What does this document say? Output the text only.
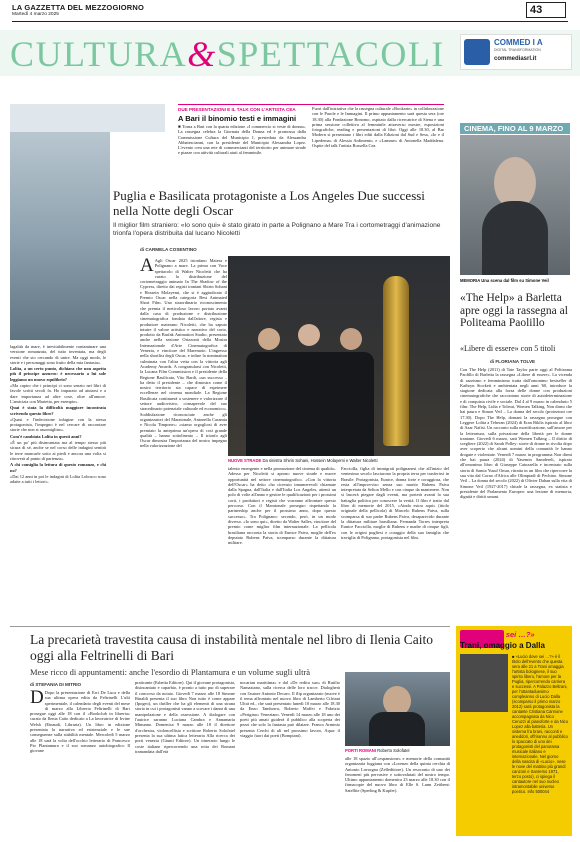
LA GAZZETTA DEL MEZZOGIORNO
Martedì 4 marzo 2025	43
CULTURA&SPETTACOLI	COMMED I A
DIGITAL TRANSFORMATION
commediasrl.it
DUE PRESENTAZIONI E IL TALK CON L'ARTISTA CEA
A Bari il binomio testi e immagini
■ Torna a Bari con la quarta edizione «I commercio si veste di donna». La rassegna celebra la Giornata della Donna ed è promossa dalla Commissione Cultura del Municipio I, presieduta da Alessandra Abbatescianni, con la presidente del Municipio Alessandra Lopez. L'evento crea una rete di commercianti del territorio per animare strade e piazze con attività culturali aiuti al femminile.
Fuori dall'iniziativa che la rassegna culturale «Bookarte» in collaborazione con le Parole e le Immagini. Il primo appuntamento sarà questa sera (ore 18.30) alla Fondazione Bonomo, ospitato dalla ricercatrice di Siena e una prima sessione collettiva al femminile attraverso mostre, esposizioni fotografiche, reading e presentazioni di libri. Oggi alle 18.30, al Bar Modern si presentano i libri editi dalla Edizioni dal Sud e Sesa, «Io e il Lipedema» di Alessia Ardimento, e «Lamme» di Antonella Maddalena. Ospite del talk l'artista Rossella Cea.
CINEMA, FINO AL 9 MARZO
MEMORIA Una scena dal film su Simone Veil
«The Help» a Barletta apre oggi la rassegna al Politeama Paolillo
«Libere di essere» con 5 titoli
di FLORIANA TOLVE
Con The Help (2011) di Tate Taylor parte oggi al Politeama Paolillo di Barletta la rassegna «Libere di essere». La vicenda di razzismo e femminismo tratta dall'omonimo bestseller di Kathryn Stockett e ambientata negli anni '60, introduce la stagione dedicata alla forza delle donne con produzioni cinematografiche che raccontano storie di autodeterminazione e di conquista civile e sociale. Dal 4 al 9 marzo in calendario 5 film: The Help, Lidia e Tolerat, Women Talking, Non dirmi che hai paura e Simon Veil – La donna del secolo (proiezioni ore 17.30). Dopo The Help, domani la rassegna prosegue con Leggere Lolita a Teheran (2024) di Eran Riklis ispirato al libro di Azar Nafisi. Un racconto sulla mortificazione, sull'amore per la letteratura, sulla privazione della libertà per le donne iraniane. Giovedì 6 marzo, sarà Women Talking – Il diritto di scegliere (2022) di Sarah Polley: storie di donne in rivolta dopo aver scoperto che alcuni uomini della comunità le hanno drogate e violentate. Venerdì 7 marzo in programma Non dirmi che hai paura (2024) di Yasemin Samdereli, ispirato all'omonimo libro di Giuseppe Catozzella e incentrato sulla storia di Samia Yusuf Omar, ritratta in un film che ripercorre la sua vita dal Corno d'Africa alle Olimpiadi di Pechino. Simone Veil – La donna del secolo (2022) di Olivier Dahan sulla vita di Simone Veil (1927-2017) chiude la rassegna, ex statista e presidente del Parlamento Europeo: una lezione di memoria, dignità e diritti umani.
Puglia e Basilicata protagoniste a Los Angeles Due successi nella Notte degli Oscar
Il miglior film straniero: «Io sono qui» è stato girato in parte a Polignano a Mare Tra i cortometraggi d'animazione trionfa l'opera distribuita dal lucano Nicoletti
di CARMELA COSENTINO
A Agli Oscar 2025 trionfano Matera e Polignano a mare. La prima con Voce spettacolo di Walter Nicoletti che ha curato la distribuzione del cortometraggio animato In The Shadow of the Cypress, diretto dai registi iraniani Shirin Sohani e Hossein Molayemi, che si è aggiudicato il Premio Oscar nella categoria Best Animated Short Film. Uno straordinario riconoscimento che premia il meticoloso lavoro portato avanti dalla casa di produzione e distribuzione cinematografica fondata dall'attore, regista e produttore materano Nicoletti, che ha saputo intuire il valore artistico e narrativo del corto, prodotto da Barfak Animation Studio, presentato anche nella sezione Orizzonti della Mostra Internazionale d'Arte Cinematografica di Venezia, e vincitore del Maremoto. L'ingresso nella shortlist degli Oscar, e infine la nomination culminata con l'altra vetta con la vittoria agli Academy Awards. A congratularsi con Nicoletti, la Lucana Film Commission e il presidente della Regione Basilicata, Vito Bardi, «un successo – ha detto il presidente – che dimostra come il nostro territorio sia capace di esprimere eccellenze nel cinema mondiale. La Regione Basilicata continuerà a sostenere e valorizzare il settore audiovisivo, consapevole del suo straordinario potenziale culturale ed economico». Soddisfazione riconosciute anche gli organizzatori del Maratonale, Antonella Caramia e Nicola Timpone»: «siamo orgogliosi di aver premiato la anteprima un'opera di così grande qualità – hanno sottolineato – Il trionfo agli Oscar dimostra l'importanza del nostro impegno nella valorizzazione del
NUOVE STRADE Da sinistra Shirin Sohani, Hossein Molayemi e Walter Nicoletti
talento emergente e nella promozione del cinema di qualità». Adesso per Nicoletti si aprono nuove strade e nuove opportunità nel settore cinematografico. «Con la vittoria dell'Oscar» ha detto «ho ricevuto innumerevoli chiamate dalla Spagna, dall'Italia e dall'Italia Los Angeles, attenti un polo di volte all'anno e gestire le qualificazioni per i prossimi corti, i produttori e registi che vorranno affrontare questo percorso. Con il Maratonale proseguo rispettando la partnership anche per il prossimo anno, dopo questo successo». Tra Polignano: secondo, però, in un modo diverso. «Io sono qui», diretto da Walter Salles, vincitore del premio come miglior film internazionale. La pellicola brasiliana racconta la storia di Eunice Paiva, moglie dell'ex deputato Rubens Paiva, scomparso durante la dittatura militare.
Facciolla, figlia di immigrati polignanesi che all'inizio del ventesimo secolo lasciarono la propria terra per trasferirsi in Brasile. Protagonista, Eunice, donna forte e coraggiosa, che resta all'improvviso senza suo marito Rubens Paiva interpretata da Selton Mello e con cinque da mantenere. Non si lascerà piegare dagli eventi, ma porterà avanti la sua battaglia politica per conoscere la verità. Il film è tratto dal libro di memorie del 2015, «Ainda estou aqui» (titolo originale della pellicola) di Marcelo Rubens Paiva, sulla scomparsa di suo padre Rubens Paiva, desaparecido durante la dittatura militare brasiliana. Fernanda Torres interpreta Eunice Facciolla, moglie di Rubens e madre di cinque figli, con le origini pugliesi e coraggio della sua famiglia che traviglia di Polignano, protagonista nel film.

lagalità da mare, è inevitabilmente contaminare una versione romanzata, del tutto inventata, ma degli eventi che sto cercando di unire. Ma oggi modo, le storie e i personaggi sono frutto della mia fantasia».

Lolita, a un certo punto, dichiara che non aspetta più il principe azzurro: è necessario a lui sole leggiamo un nuovo equilibrio?

«Ma capiro che i principi ci sono senzio nei libri di favole scritti secoli fa. Ho imparato ad aiutarsi e a dare importanza ad altre cose, oltre all'amore. L'amicizia con Marietta, per esempio».

Quai è stata la difficoltà maggiore incontrata scrivendo questo libro?

«Quasi e l'indecisione infagine con la stessa protagonista, l'impegno è nel cercare di raccontare storie che non si assomiglino».

Com'è cambiata Lolita in questi anni?

«È un po' più disincantata ma al tempo stesso più sicura di sé, anche se nel corso delle indagini sentirà le terre mancarle sotto ai piedi e ancora una volta si ritroverà al punto di partenza».

A chi consiglia la lettura di questo romanzo, e chi no?

«Dai 12 anni in poi le indagini di Lolita Lobosco sono adatte a tutti i lettori».

La precarietà travestita causa di instabilità mentale nel libro di Ilenia Caito oggi alla Feltrinelli di Bari
Mese ricco di appuntamenti: anche l'esordio di Plantamura e un volume sugli ultrà
di STEFANIA DI MITRIO
D Dopo la presentazione di Erri De Luca e della sua ultima opera edita da Feltrinelli L'ulti sperimentale, il calendario degli eventi del mese di marzo alla Libreria Feltrinelli di Bari prosegue oggi alle 18 con il «Bookclub in libreria» curato da Ilenia Caito dedicato a La lavoratrice di Irvine Welsh (Einaudi, Libraria). Un libro in edizione presentata la narrativa ed esistenziale e le sue conseguenze sulla stabilità mentale. Mercoledì 5 marzo alle 18 sarà la volta dell'occhio letterario di Francesco Pio Plantamura e il suo romanzo autobiografico Il giovane
praticante (Esbetta Editore). Qui il giovane protagonista, disincantato e caparbio, è pronto a tutto pur di superare il concorso da notaio. Giovedì 7 marzo alle 18 Simone Rinaldi presenta il suo libro Non tutto è come appare (Ipogeo), un thriller che ha gli elementi di una strana storia in cui i protagonisti vanno a scovare i danni di una manipolazione e della ossessione. A dialogare con l'autrice saranno Luciana Cambra e Annamaria Minunno. Domenica 9 marzo alle 18 il direttore d'orchestra, violoncellista e scrittore Roberto Solofatel presenta la sua ultima fatica letteraria Alla ricerca dei porti venezia (Giunti Editore). Un itinerario lungo le coste italiane ripercorrendo una rotta dei Romani tramandata dall'età
nocarian marittima» e dal «De reditu suo» di Rutilio Namaziano, sulla ricerca delle loro tracce. Dialogherà con l'autore Antonio Decaro. Il flip organizzato (nuove è il tema affrontato nel nuovo libro di Lamberto Cifriani Ultrà ed., che sarà presentato lunedì 10 marzo alle 18.30 da Enzo Tamborra, Roberto Maffei e Fabrizio «Perigino» Veneziano. Venerdì 14 marzo alle 18 uno dei poeti più amati guiderà il pubblico alla scoperta dei pezzi che solo la fantasia può dilatare. Franco Arminio presenta Cerchi di ali nel prossimo lavoro, Aqua: il viaggio fuori dai poeti (Bompiani).
PORTI ROMANI Roberto Solofatel
alle 18 spazio all'«espansione» e memorie della comunità organizzata foggiana con «Lorenzo della quinta cerchia di Antonio Lavorgna (Zelledittore). Un resoconto di uno dei fenomeni più pervasive e sottovalutati del nostro tempo. Ultimo appuntamento domenica 23 marzo alle 18.30 con il firmacopie del nuovo libro di Elle S. Lunn Zeitbent: Satellite (Sperling & Kupfer).
«Lucio dove sei …?»
Trani, omaggio a Dalla
■ «Lucio dove sei …?» è il titolo dell'evento che questa sera alle 21 a Trani omaggia l'artista bolognese, il suo spirito libero, l'amore per la Puglia, ripercorrendo carriera e successi. A Palazzo Beltrani, per l'ottantaduesimo compleanno di Lucio Dalla (scomparso il primo marzo 2012) sarà protagonista la cantante Cristiana Cannone accompagnata da Nico Ceruzzi al pianoforte e da Nico Lopez alla batteria. Un sistema fra brani, racconti e aneddoti, offriranno al pubblico lo spaccato di uno dei protagonisti del panorama musicale italiano e internazionale. Nel giorno della nascita di «Lucio», nese le nove del mattino più grandi canzoni e Sanremo 1971, terzo posto), ci spiega il cantautore nel suo nucleo intramontabile universo poetico. Info 500044
